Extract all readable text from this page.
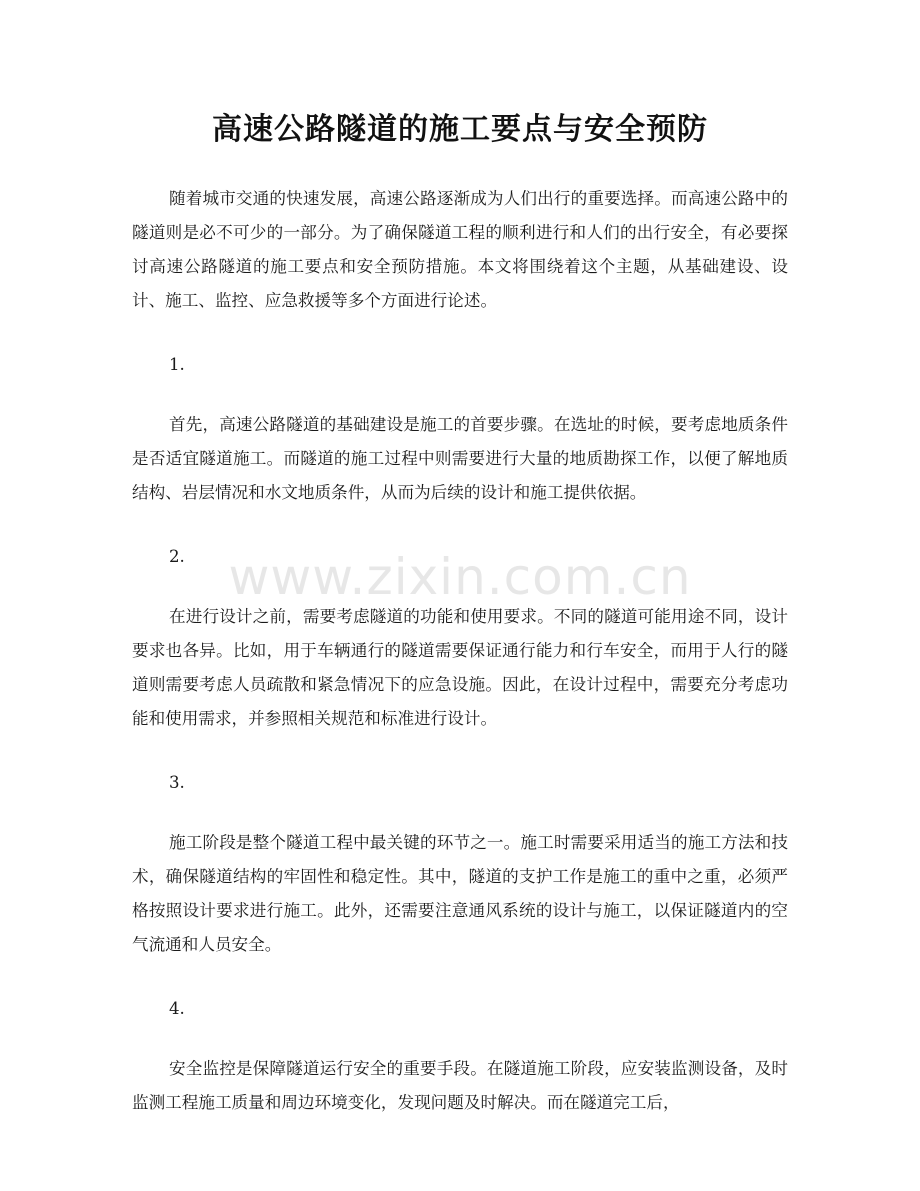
高速公路隧道的施工要点与安全预防
www.zixin.com.cn

随着城市交通的快速发展，高速公路逐渐成为人们出行的重要选择。而高速公路中的隧道则是必不可少的一部分。为了确保隧道工程的顺利进行和人们的出行安全，有必要探讨高速公路隧道的施工要点和安全预防措施。本文将围绕着这个主题，从基础建设、设计、施工、监控、应急救援等多个方面进行论述。

1.

首先，高速公路隧道的基础建设是施工的首要步骤。在选址的时候，要考虑地质条件是否适宜隧道施工。而隧道的施工过程中则需要进行大量的地质勘探工作，以便了解地质结构、岩层情况和水文地质条件，从而为后续的设计和施工提供依据。

2.

在进行设计之前，需要考虑隧道的功能和使用要求。不同的隧道可能用途不同，设计要求也各异。比如，用于车辆通行的隧道需要保证通行能力和行车安全，而用于人行的隧道则需要考虑人员疏散和紧急情况下的应急设施。因此，在设计过程中，需要充分考虑功能和使用需求，并参照相关规范和标准进行设计。

3.

施工阶段是整个隧道工程中最关键的环节之一。施工时需要采用适当的施工方法和技术，确保隧道结构的牢固性和稳定性。其中，隧道的支护工作是施工的重中之重，必须严格按照设计要求进行施工。此外，还需要注意通风系统的设计与施工，以保证隧道内的空气流通和人员安全。

4.

安全监控是保障隧道运行安全的重要手段。在隧道施工阶段，应安装监测设备，及时监测工程施工质量和周边环境变化，发现问题及时解决。而在隧道完工后，
